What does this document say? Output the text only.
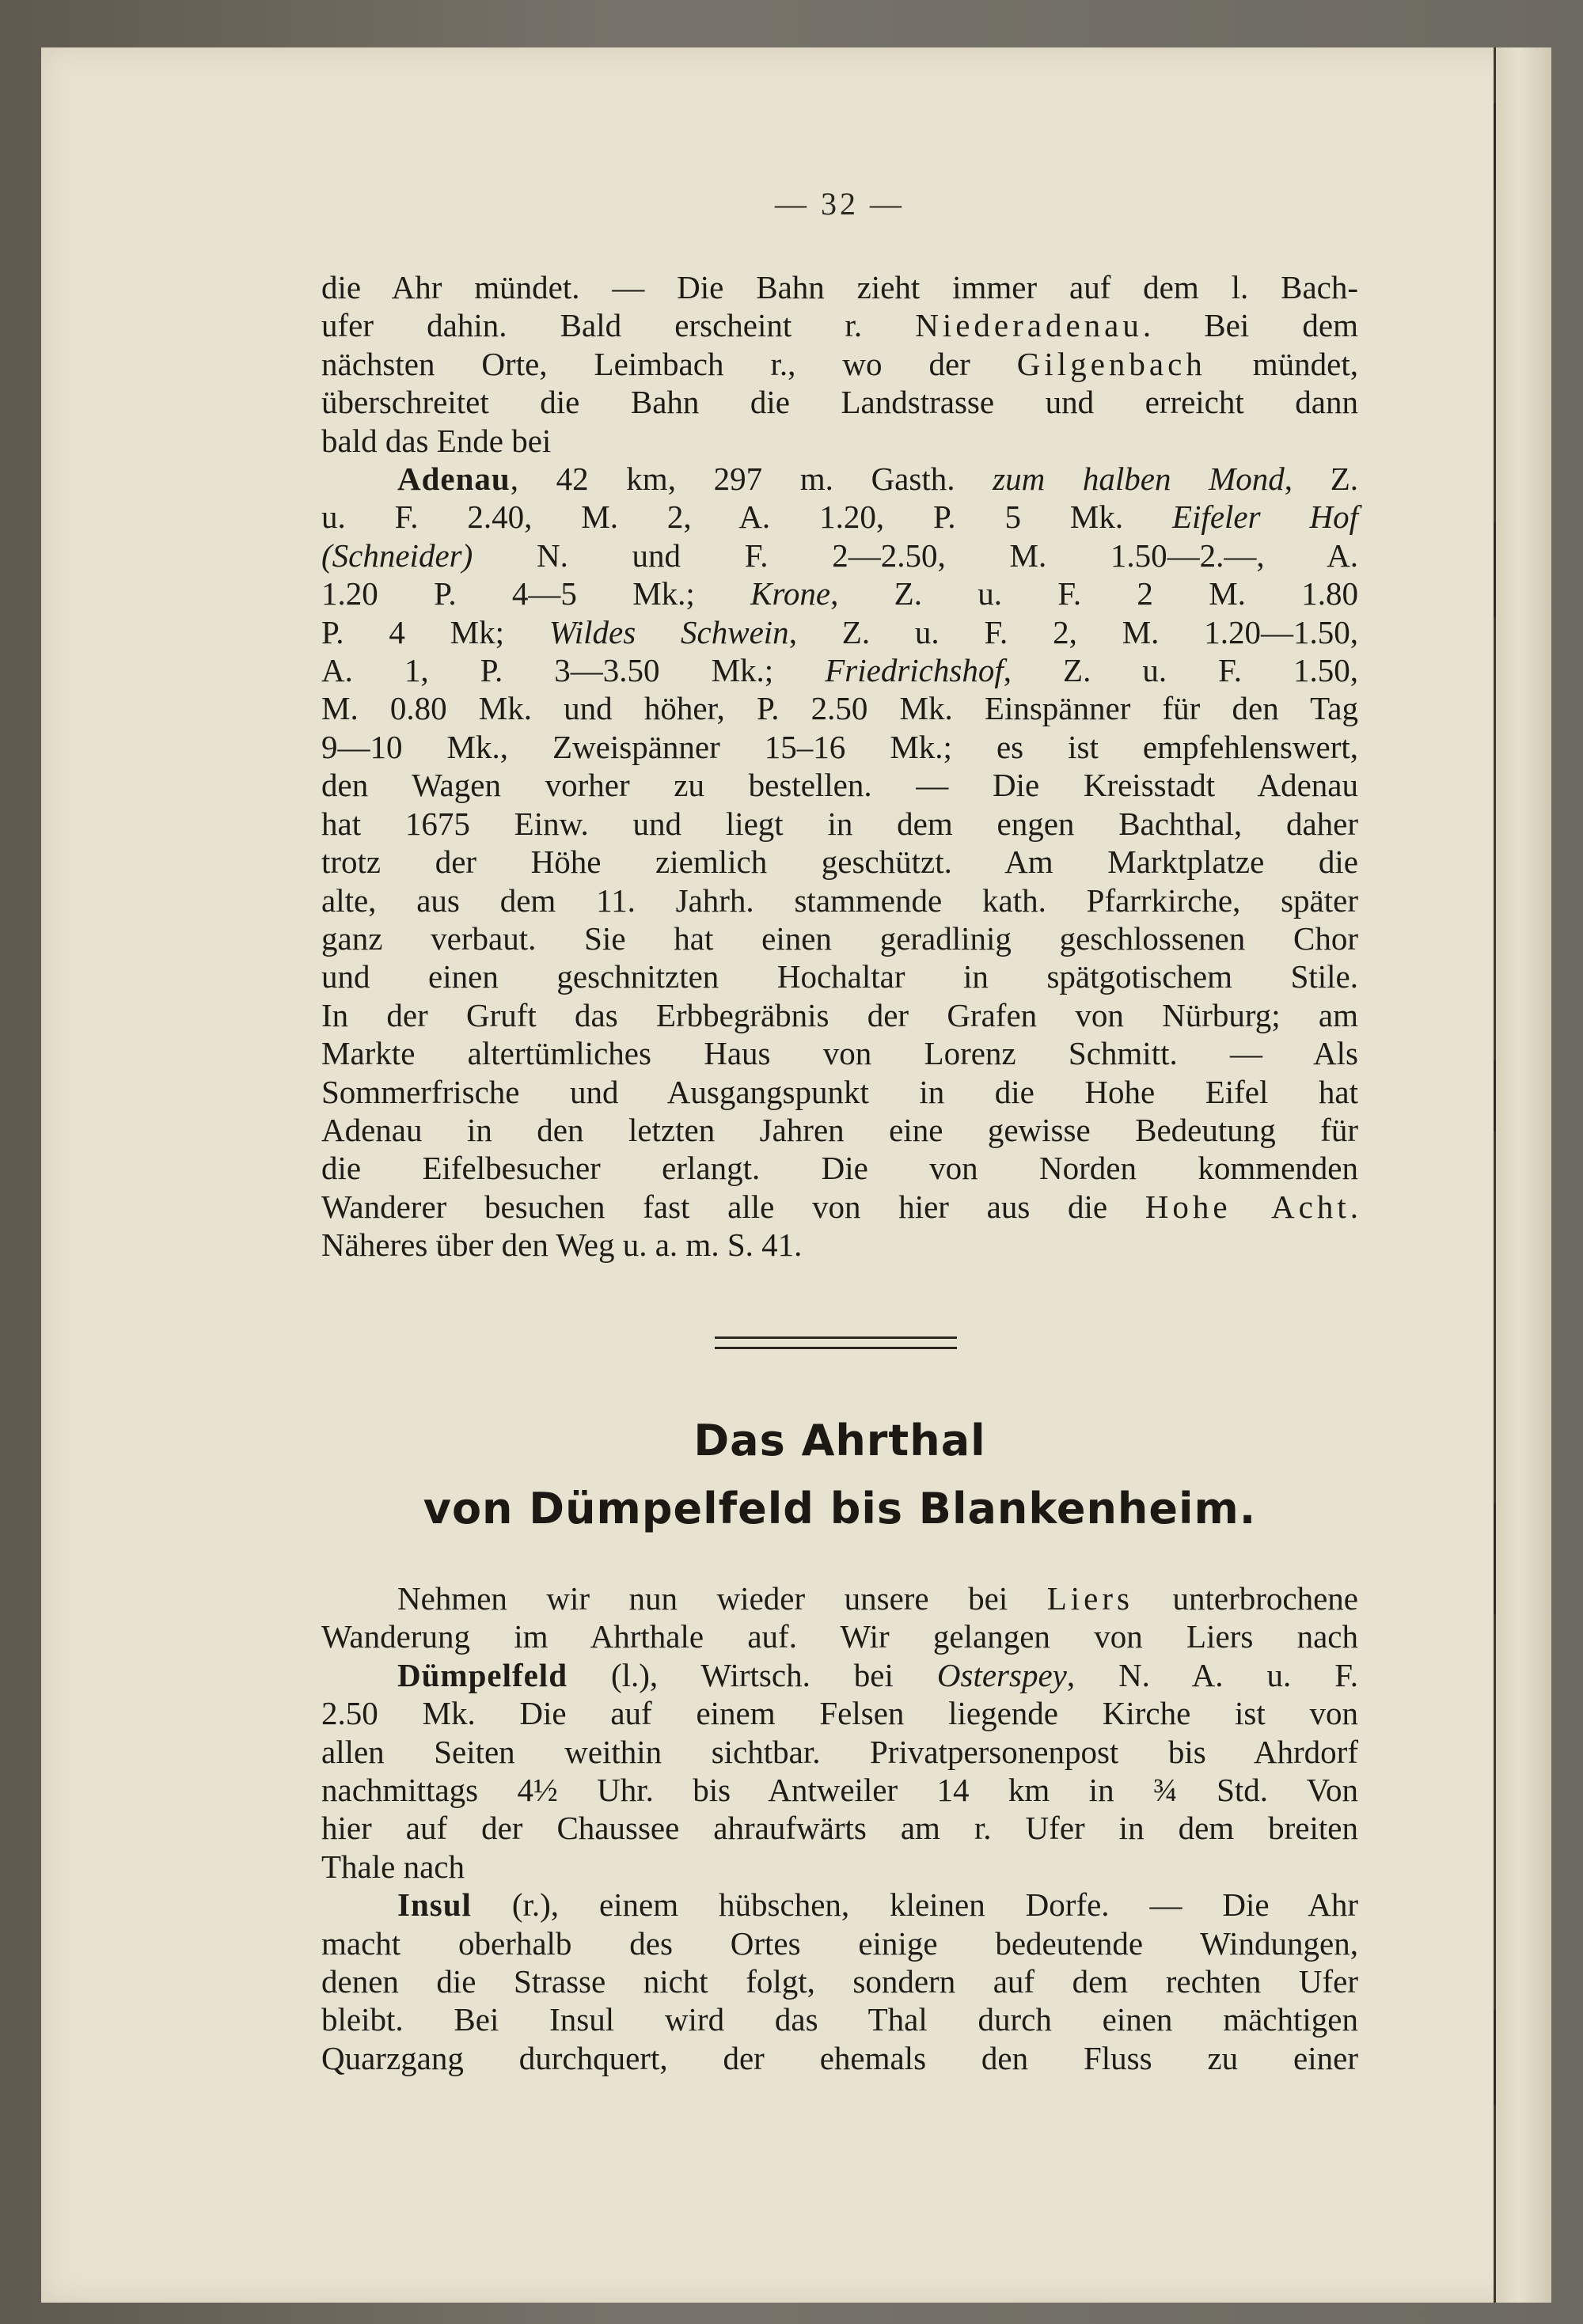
— 32 —
die Ahr mündet. — Die Bahn zieht immer auf dem l. Bach-
ufer dahin. Bald erscheint r. Niederadenau. Bei dem
nächsten Orte, Leimbach r., wo der Gilgenbach mündet,
überschreitet die Bahn die Landstrasse und erreicht dann
bald das Ende bei
Adenau, 42 km, 297 m. Gasth. zum halben Mond, Z.
u. F. 2.40, M. 2, A. 1.20, P. 5 Mk. Eifeler Hof
(Schneider) N. und F. 2—2.50, M. 1.50—2.—, A.
1.20 P. 4—5 Mk.; Krone, Z. u. F. 2 M. 1.80
P. 4 Mk; Wildes Schwein, Z. u. F. 2, M. 1.20—1.50,
A. 1, P. 3—3.50 Mk.; Friedrichshof, Z. u. F. 1.50,
M. 0.80 Mk. und höher, P. 2.50 Mk. Einspänner für den Tag
9—10 Mk., Zweispänner 15–16 Mk.; es ist empfehlenswert,
den Wagen vorher zu bestellen. — Die Kreisstadt Adenau
hat 1675 Einw. und liegt in dem engen Bachthal, daher
trotz der Höhe ziemlich geschützt. Am Marktplatze die
alte, aus dem 11. Jahrh. stammende kath. Pfarrkirche, später
ganz verbaut. Sie hat einen geradlinig geschlossenen Chor
und einen geschnitzten Hochaltar in spätgotischem Stile.
In der Gruft das Erbbegräbnis der Grafen von Nürburg; am
Markte altertümliches Haus von Lorenz Schmitt. — Als
Sommerfrische und Ausgangspunkt in die Hohe Eifel hat
Adenau in den letzten Jahren eine gewisse Bedeutung für
die Eifelbesucher erlangt. Die von Norden kommenden
Wanderer besuchen fast alle von hier aus die Hohe Acht.
Näheres über den Weg u. a. m. S. 41.
Das Ahrthal
von Dümpelfeld bis Blankenheim.
Nehmen wir nun wieder unsere bei Liers unterbrochene
Wanderung im Ahrthale auf. Wir gelangen von Liers nach
Dümpelfeld (l.), Wirtsch. bei Osterspey, N. A. u. F.
2.50 Mk. Die auf einem Felsen liegende Kirche ist von
allen Seiten weithin sichtbar. Privatpersonenpost bis Ahrdorf
nachmittags 4½ Uhr. bis Antweiler 14 km in ¾ Std. Von
hier auf der Chaussee ahraufwärts am r. Ufer in dem breiten
Thale nach
Insul (r.), einem hübschen, kleinen Dorfe. — Die Ahr
macht oberhalb des Ortes einige bedeutende Windungen,
denen die Strasse nicht folgt, sondern auf dem rechten Ufer
bleibt. Bei Insul wird das Thal durch einen mächtigen
Quarzgang durchquert, der ehemals den Fluss zu einer
